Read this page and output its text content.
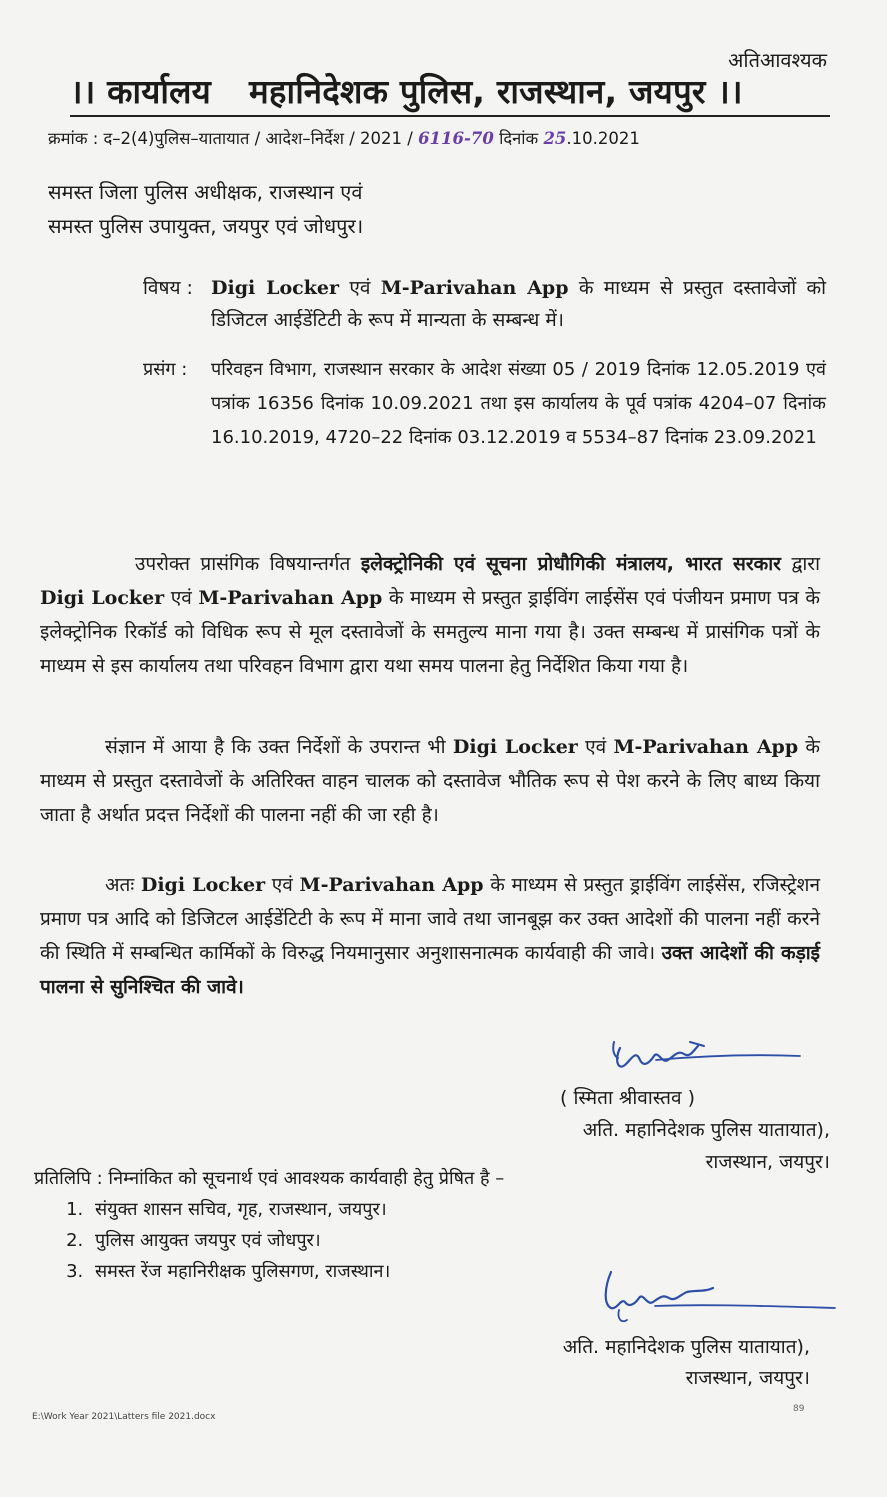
अतिआवश्यक
।। कार्यालय महानिदेशक पुलिस, राजस्थान, जयपुर ।।
क्रमांक : द–2(4)पुलिस–यातायात / आदेश–निर्देश / 2021 / 6116-70 दिनांक 25.10.2021
समस्त जिला पुलिस अधीक्षक, राजस्थान एवं
समस्त पुलिस उपायुक्त, जयपुर एवं जोधपुर।
विषय : Digi Locker एवं M-Parivahan App के माध्यम से प्रस्तुत दस्तावेजों को डिजिटल आईडेंटिटी के रूप में मान्यता के सम्बन्ध में।
प्रसंग : परिवहन विभाग, राजस्थान सरकार के आदेश संख्या 05 / 2019 दिनांक 12.05.2019 एवं पत्रांक 16356 दिनांक 10.09.2021 तथा इस कार्यालय के पूर्व पत्रांक 4204–07 दिनांक 16.10.2019, 4720–22 दिनांक 03.12.2019 व 5534–87 दिनांक 23.09.2021
उपरोक्त प्रासंगिक विषयान्तर्गत इलेक्ट्रोनिकी एवं सूचना प्रोधौगिकी मंत्रालय, भारत सरकार द्वारा Digi Locker एवं M-Parivahan App के माध्यम से प्रस्तुत ड्राईविंग लाईसेंस एवं पंजीयन प्रमाण पत्र के इलेक्ट्रोनिक रिकॉर्ड को विधिक रूप से मूल दस्तावेजों के समतुल्य माना गया है। उक्त सम्बन्ध में प्रासंगिक पत्रों के माध्यम से इस कार्यालय तथा परिवहन विभाग द्वारा यथा समय पालना हेतु निर्देशित किया गया है।
संज्ञान में आया है कि उक्त निर्देशों के उपरान्त भी Digi Locker एवं M-Parivahan App के माध्यम से प्रस्तुत दस्तावेजों के अतिरिक्त वाहन चालक को दस्तावेज भौतिक रूप से पेश करने के लिए बाध्य किया जाता है अर्थात प्रदत्त निर्देशों की पालना नहीं की जा रही है।
अतः Digi Locker एवं M-Parivahan App के माध्यम से प्रस्तुत ड्राईविंग लाईसेंस, रजिस्ट्रेशन प्रमाण पत्र आदि को डिजिटल आईडेंटिटी के रूप में माना जावे तथा जानबूझ कर उक्त आदेशों की पालना नहीं करने की स्थिति में सम्बन्धित कार्मिकों के विरुद्ध नियमानुसार अनुशासनात्मक कार्यवाही की जावे। उक्त आदेशों की कड़ाई पालना से सुनिश्चित की जावे।
( स्मिता श्रीवास्तव )
अति. महानिदेशक पुलिस यातायात),
राजस्थान, जयपुर।
प्रतिलिपि : निम्नांकित को सूचनार्थ एवं आवश्यक कार्यवाही हेतु प्रेषित है –
1. संयुक्त शासन सचिव, गृह, राजस्थान, जयपुर।
2. पुलिस आयुक्त जयपुर एवं जोधपुर।
3. समस्त रेंज महानिरीक्षक पुलिसगण, राजस्थान।
अति. महानिदेशक पुलिस यातायात),
राजस्थान, जयपुर।
E:\Work Year 2021\Latters file 2021.docx
89
